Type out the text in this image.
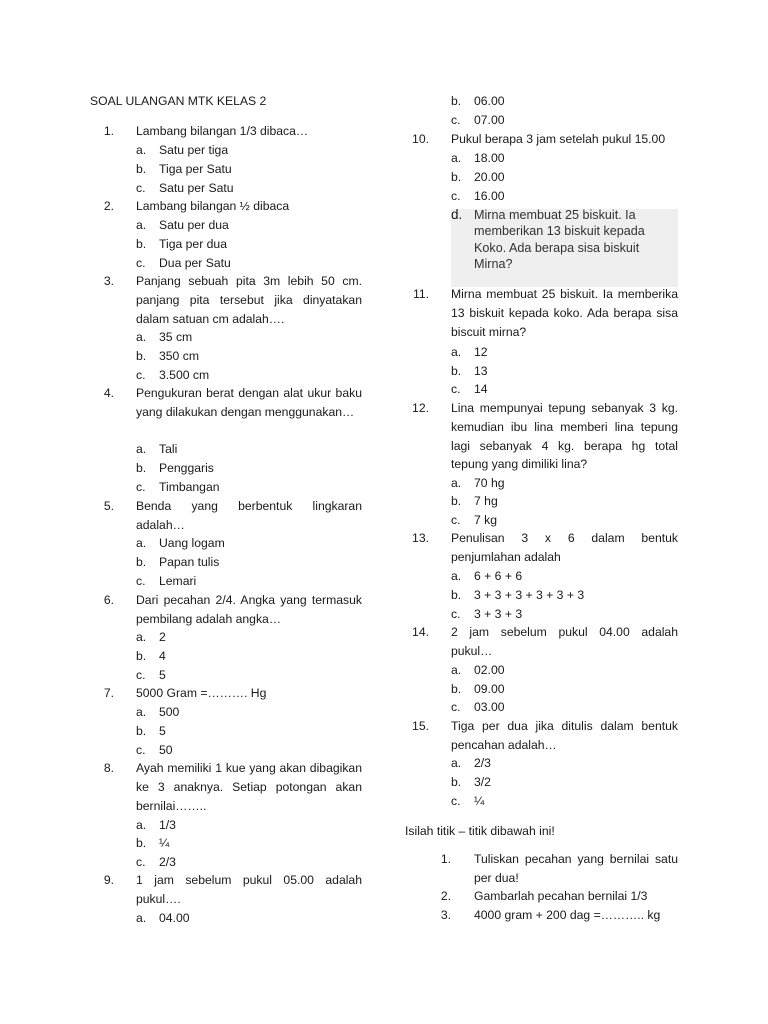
SOAL ULANGAN MTK KELAS 2
1. Lambang bilangan 1/3 dibaca…
a.	Satu per tiga
b.	Tiga per Satu
c.	Satu per Satu
2. Lambang bilangan ½ dibaca
a.	Satu per dua
b.	Tiga per dua
c.	Dua per Satu
3. Panjang sebuah pita 3m lebih 50 cm. panjang pita tersebut jika dinyatakan dalam satuan cm adalah….
a.	35 cm
b.	350 cm
c.	3.500 cm
4. Pengukuran berat dengan alat ukur baku yang dilakukan dengan menggunakan…
a.	Tali
b.	Penggaris
c.	Timbangan
5. Benda yang berbentuk lingkaran adalah…
a.	Uang logam
b.	Papan tulis
c.	Lemari
6. Dari pecahan 2/4. Angka yang termasuk pembilang adalah angka…
a.	2
b.	4
c.	5
7. 5000 Gram =………. Hg
a.	500
b.	5
c.	50
8. Ayah memiliki 1 kue yang akan dibagikan ke 3 anaknya. Setiap potongan akan bernilai……..
a.	1/3
b.	¼
c.	2/3
9. 1 jam sebelum pukul 05.00 adalah pukul….
a.	04.00
10. Pukul berapa 3 jam setelah pukul 15.00
a.	18.00
b.	20.00
c.	16.00
b.	06.00
c.	07.00
d. Mirna membuat 25 biskuit. Ia memberikan 13 biskuit kepada Koko. Ada berapa sisa biskuit Mirna?
11. Mirna membuat 25 biskuit. Ia memberika 13 biskuit kepada koko. Ada berapa sisa biscuit mirna?
a.	12
b.	13
c.	14
12. Lina mempunyai tepung sebanyak 3 kg. kemudian ibu lina memberi lina tepung lagi sebanyak 4 kg. berapa hg total tepung yang dimiliki lina?
a.	70 hg
b.	7 hg
c.	7 kg
13. Penulisan 3 x 6 dalam bentuk penjumlahan adalah
a.	6 + 6 + 6
b.	3 + 3 + 3 + 3 + 3 + 3
c.	3 + 3 + 3
14. 2 jam sebelum pukul 04.00 adalah pukul…
a.	02.00
b.	09.00
c.	03.00
15. Tiga per dua jika ditulis dalam bentuk pencahan adalah…
a.	2/3
b.	3/2
c.	¼
Isilah titik – titik dibawah ini!
1. Tuliskan pecahan yang bernilai satu per dua!
2. Gambarlah pecahan bernilai 1/3
3. 4000 gram + 200 dag =……….. kg
